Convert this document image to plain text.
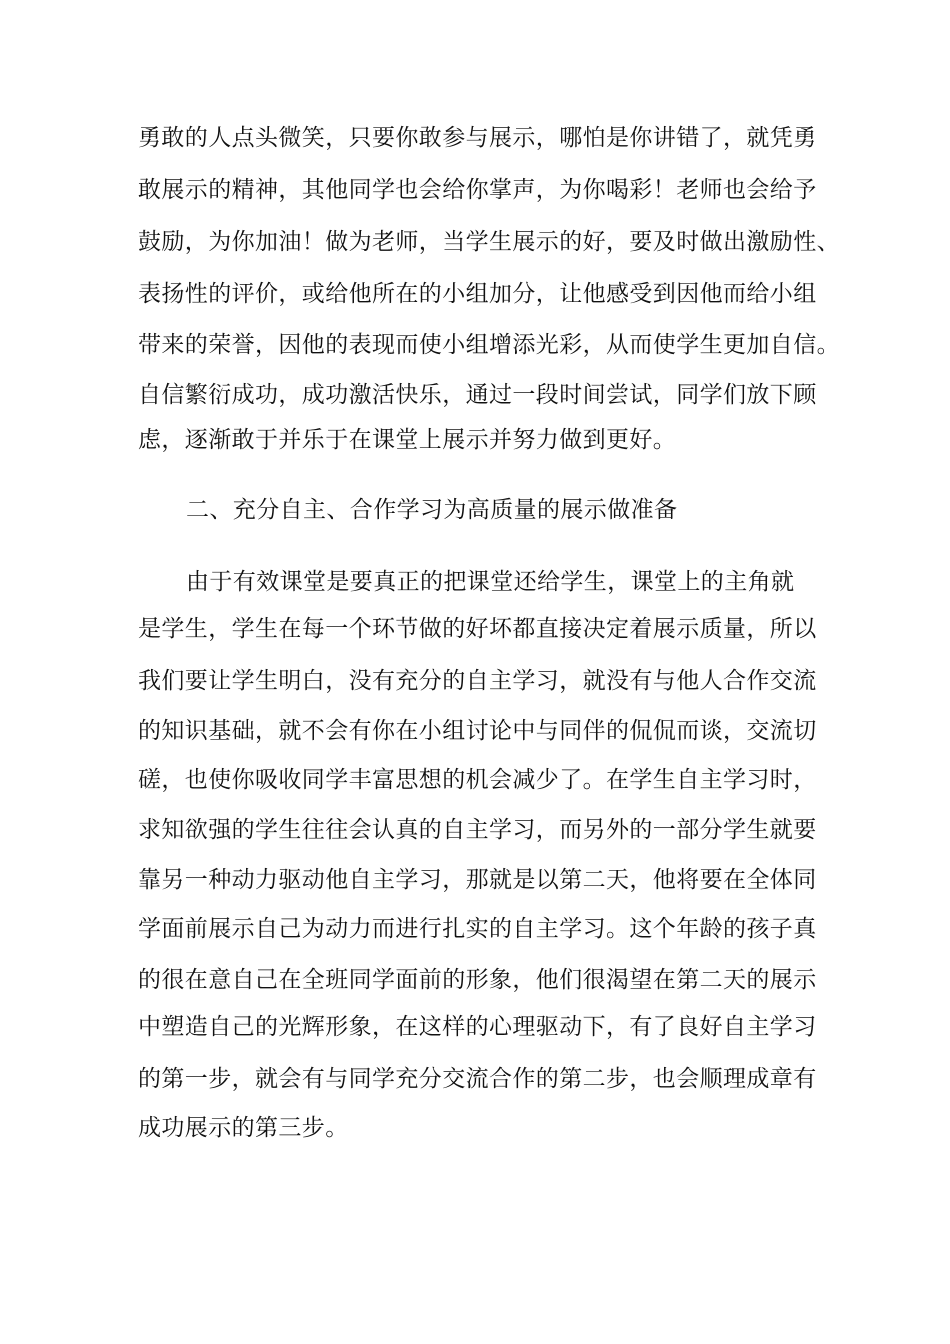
勇敢的人点头微笑，只要你敢参与展示，哪怕是你讲错了，就凭勇
敢展示的精神，其他同学也会给你掌声，为你喝彩！老师也会给予
鼓励，为你加油！做为老师，当学生展示的好，要及时做出激励性、
表扬性的评价，或给他所在的小组加分，让他感受到因他而给小组
带来的荣誉，因他的表现而使小组增添光彩，从而使学生更加自信。
自信繁衍成功，成功激活快乐，通过一段时间尝试，同学们放下顾
虑，逐渐敢于并乐于在课堂上展示并努力做到更好。
二、充分自主、合作学习为高质量的展示做准备
由于有效课堂是要真正的把课堂还给学生，课堂上的主角就
是学生，学生在每一个环节做的好坏都直接决定着展示质量，所以
我们要让学生明白，没有充分的自主学习，就没有与他人合作交流
的知识基础，就不会有你在小组讨论中与同伴的侃侃而谈，交流切
磋，也使你吸收同学丰富思想的机会减少了。在学生自主学习时，
求知欲强的学生往往会认真的自主学习，而另外的一部分学生就要
靠另一种动力驱动他自主学习，那就是以第二天，他将要在全体同
学面前展示自己为动力而进行扎实的自主学习。这个年龄的孩子真
的很在意自己在全班同学面前的形象，他们很渴望在第二天的展示
中塑造自己的光辉形象，在这样的心理驱动下，有了良好自主学习
的第一步，就会有与同学充分交流合作的第二步，也会顺理成章有
成功展示的第三步。
